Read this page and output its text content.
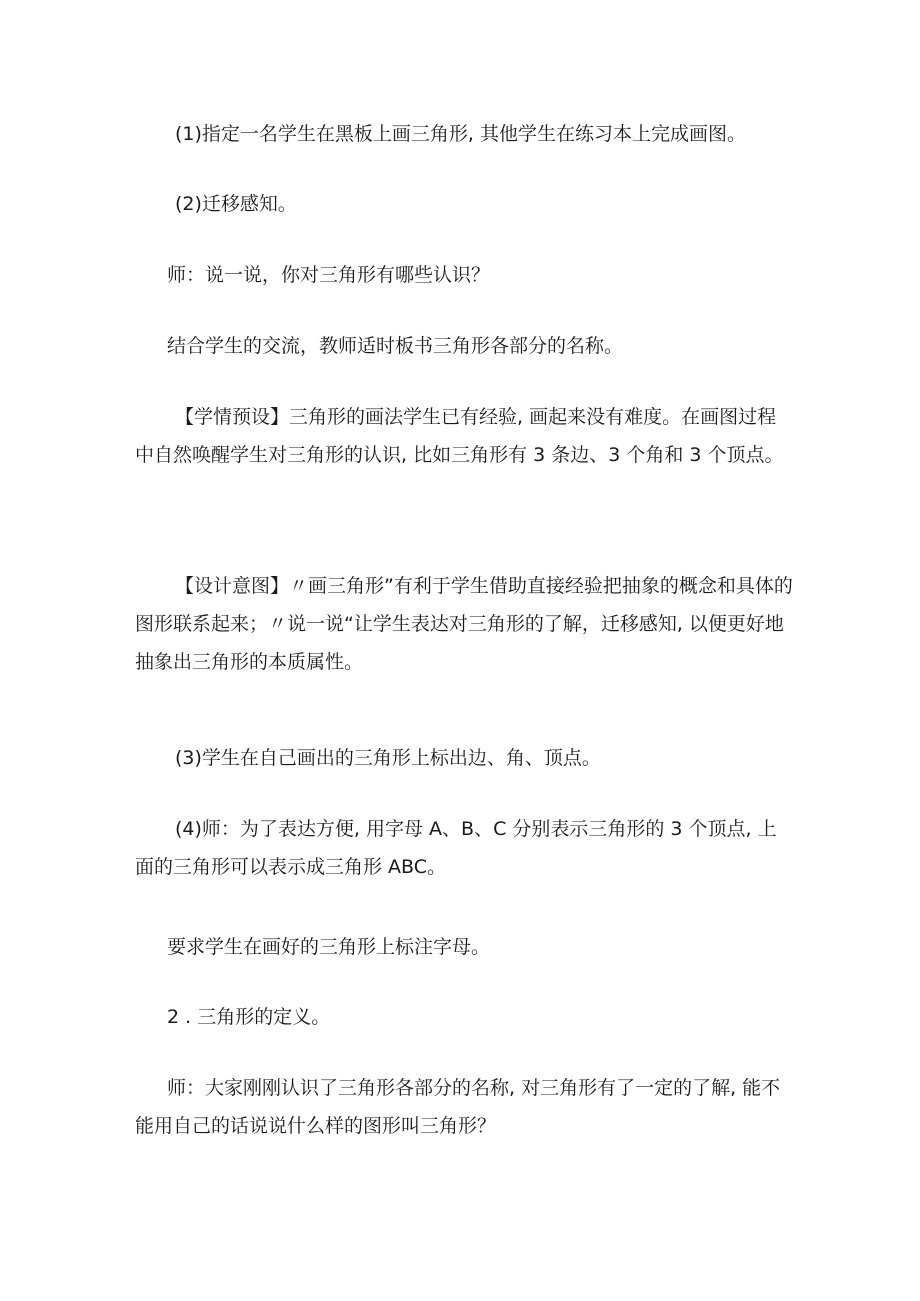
(1)指定一名学生在黑板上画三角形, 其他学生在练习本上完成画图。

(2)迁移感知。

师：说一说，你对三角形有哪些认识？

结合学生的交流，教师适时板书三角形各部分的名称。

【学情预设】三角形的画法学生已有经验, 画起来没有难度。在画图过程中自然唤醒学生对三角形的认识, 比如三角形有 3 条边、3 个角和 3 个顶点。

【设计意图】〃画三角形”有利于学生借助直接经验把抽象的概念和具体的图形联系起来；〃说一说“让学生表达对三角形的了解，迁移感知, 以便更好地抽象出三角形的本质属性。

(3)学生在自己画出的三角形上标出边、角、顶点。

(4)师：为了表达方便, 用字母 A、B、C 分别表示三角形的 3 个顶点, 上面的三角形可以表示成三角形 ABC。

要求学生在画好的三角形上标注字母。

2 . 三角形的定义。

师：大家刚刚认识了三角形各部分的名称, 对三角形有了一定的了解, 能不能用自己的话说说什么样的图形叫三角形？
